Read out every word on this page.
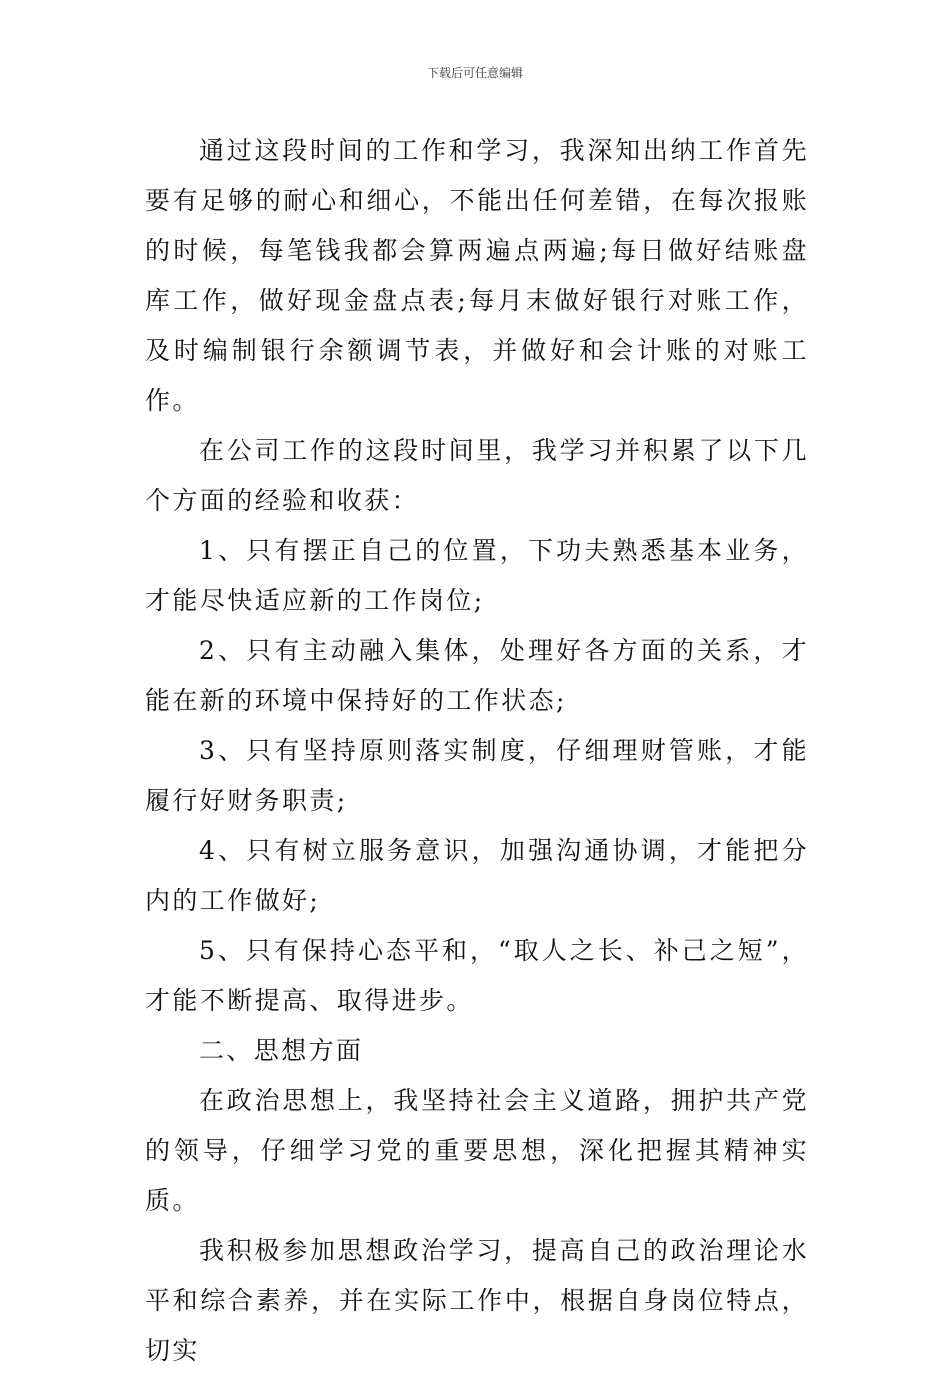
下载后可任意编辑

通过这段时间的工作和学习，我深知出纳工作首先要有足够的耐心和细心，不能出任何差错，在每次报账的时候，每笔钱我都会算两遍点两遍;每日做好结账盘库工作，做好现金盘点表;每月末做好银行对账工作，及时编制银行余额调节表，并做好和会计账的对账工作。

在公司工作的这段时间里，我学习并积累了以下几个方面的经验和收获：

1、只有摆正自己的位置，下功夫熟悉基本业务，才能尽快适应新的工作岗位;

2、只有主动融入集体，处理好各方面的关系，才能在新的环境中保持好的工作状态;

3、只有坚持原则落实制度，仔细理财管账，才能履行好财务职责;

4、只有树立服务意识，加强沟通协调，才能把分内的工作做好;

5、只有保持心态平和，“取人之长、补己之短”，才能不断提高、取得进步。

二、思想方面

在政治思想上，我坚持社会主义道路，拥护共产党的领导，仔细学习党的重要思想，深化把握其精神实质。

我积极参加思想政治学习，提高自己的政治理论水平和综合素养，并在实际工作中，根据自身岗位特点，切实
